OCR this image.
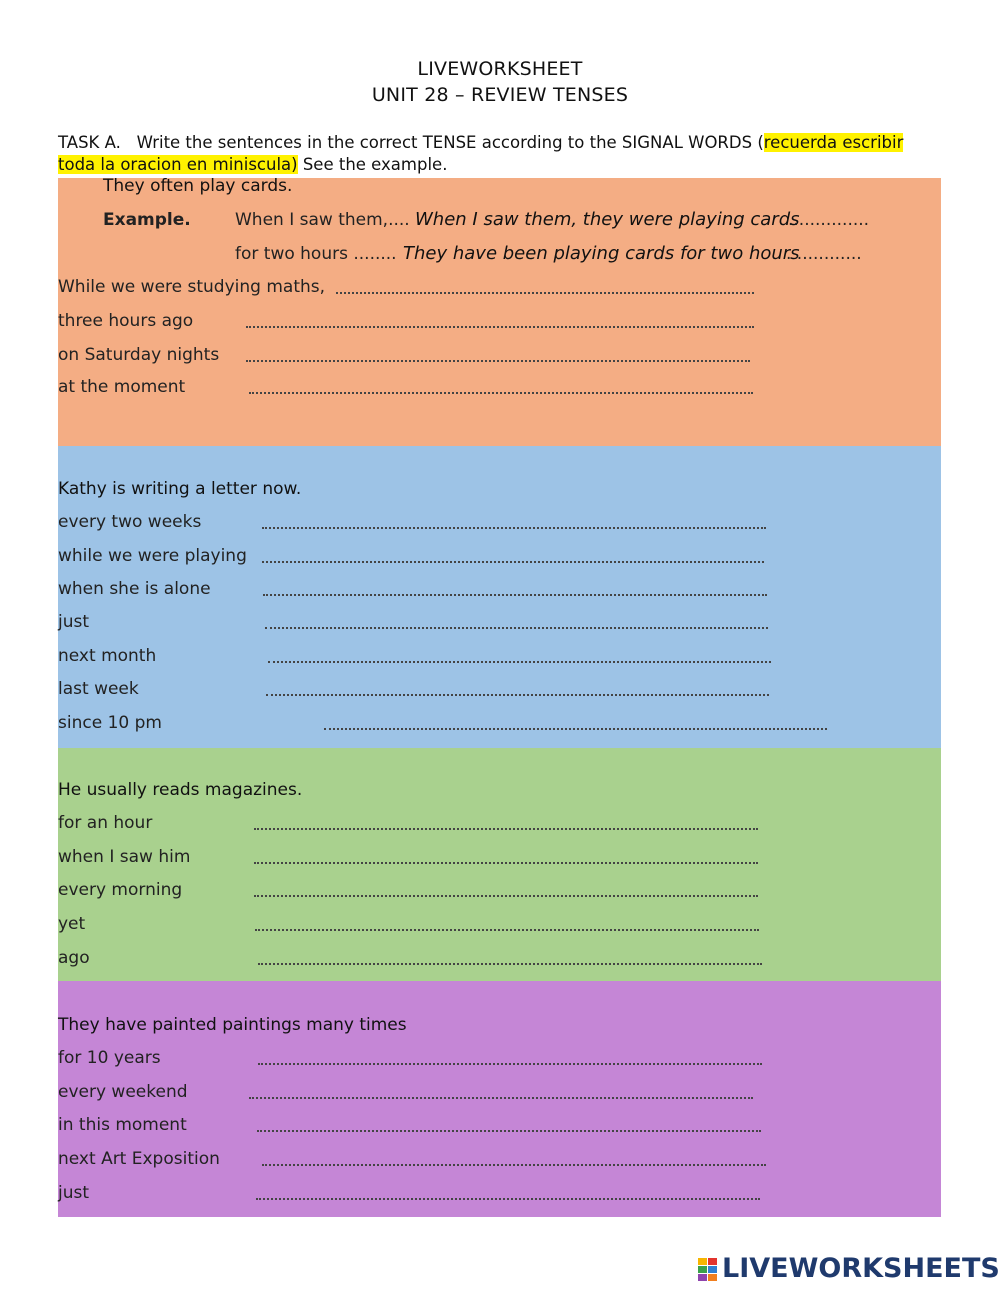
LIVEWORKSHEET
UNIT 28 – REVIEW TENSES
TASK A. Write the sentences in the correct TENSE according to the SIGNAL WORDS (recuerda escribir toda la oracion en miniscula) See the example.
They often play cards.
Example.	When I saw them,.... When I saw them, they were playing cards
...............
for two hours ........ They have been playing cards for two hours
. ............
While we were studying maths,
three hours ago
on Saturday nights
at the moment
Kathy is writing a letter now.
every two weeks
while we were playing
when she is alone
just
next month
last week
since 10 pm
He usually reads magazines.
for an hour
when I saw him
every morning
yet
ago
They have painted paintings many times
for 10 years
every weekend
in this moment
next Art Exposition
just
LIVEWORKSHEETS
